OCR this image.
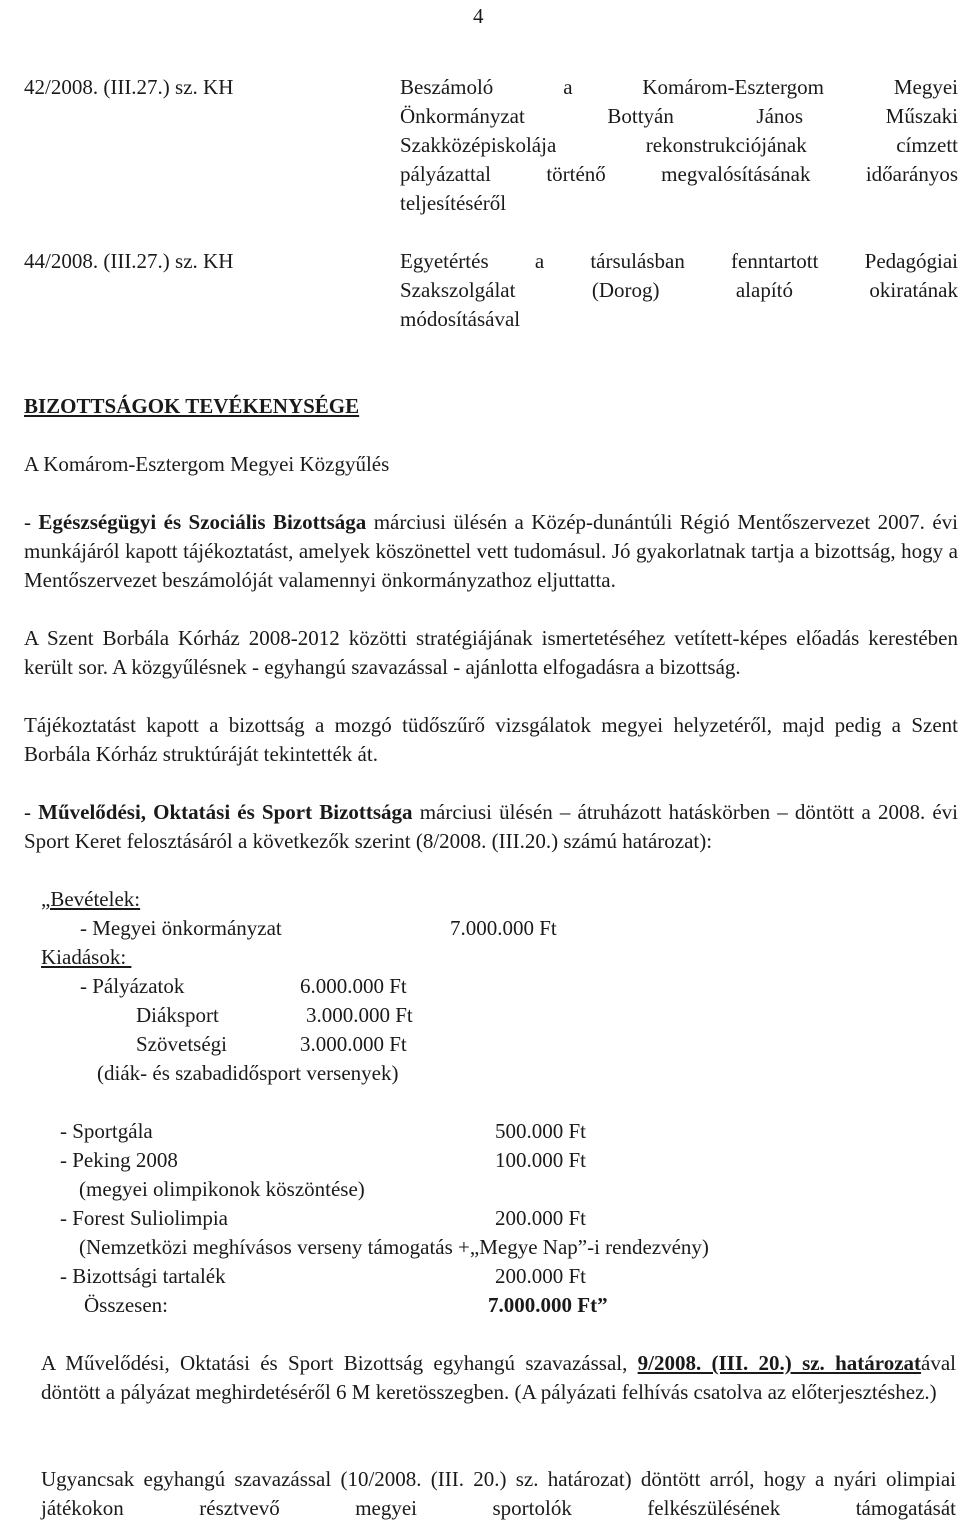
4
42/2008. (III.27.) sz. KH	Beszámoló a Komárom-Esztergom Megyei
Önkormányzat Bottyán János Műszaki
Szakközépiskolája rekonstrukciójának címzett
pályázattal történő megvalósításának időarányos
teljesítéséről
44/2008. (III.27.) sz. KH	Egyetértés a társulásban fenntartott Pedagógiai
Szakszolgálat (Dorog) alapító okiratának
módosításával
BIZOTTSÁGOK TEVÉKENYSÉGE
A Komárom-Esztergom Megyei Közgyűlés
- Egészségügyi és Szociális Bizottsága márciusi ülésén a Közép-dunántúli Régió Mentőszervezet 2007. évi munkájáról kapott tájékoztatást, amelyek köszönettel vett tudomásul. Jó gyakorlatnak tartja a bizottság, hogy a Mentőszervezet beszámolóját valamennyi önkormányzathoz eljuttatta.
A Szent Borbála Kórház 2008-2012 közötti stratégiájának ismertetéséhez vetített-képes előadás kerestében került sor. A közgyűlésnek - egyhangú szavazással - ajánlotta elfogadásra a bizottság.
Tájékoztatást kapott a bizottság a mozgó tüdőszűrő vizsgálatok megyei helyzetéről, majd pedig a Szent Borbála Kórház struktúráját tekintették át.
- Művelődési, Oktatási és Sport Bizottsága márciusi ülésén – átruházott hatáskörben – döntött a 2008. évi Sport Keret felosztásáról a következők szerint (8/2008. (III.20.) számú határozat):
„Bevételek:
- Megyei önkormányzat	7.000.000 Ft
Kiadások:
- Pályázatok	6.000.000 Ft
Diáksport	3.000.000 Ft
Szövetségi	3.000.000 Ft
(diák- és szabadidősport versenyek)
- Sportgála	500.000 Ft
- Peking 2008	100.000 Ft
(megyei olimpikonok köszöntése)
- Forest Suliolimpia	200.000 Ft
(Nemzetközi meghívásos verseny támogatás +„Megye Nap”-i rendezvény)
- Bizottsági tartalék	200.000 Ft
Összesen:	7.000.000 Ft”
A Művelődési, Oktatási és Sport Bizottság egyhangú szavazással, 9/2008. (III. 20.) sz. határozatával döntött a pályázat meghirdetéséről 6 M keretösszegben. (A pályázati felhívás csatolva az előterjesztéshez.)
Ugyancsak egyhangú szavazással (10/2008. (III. 20.) sz. határozat) döntött arról, hogy a nyári olimpiai játékokon résztvevő megyei sportolók felkészülésének támogatását
